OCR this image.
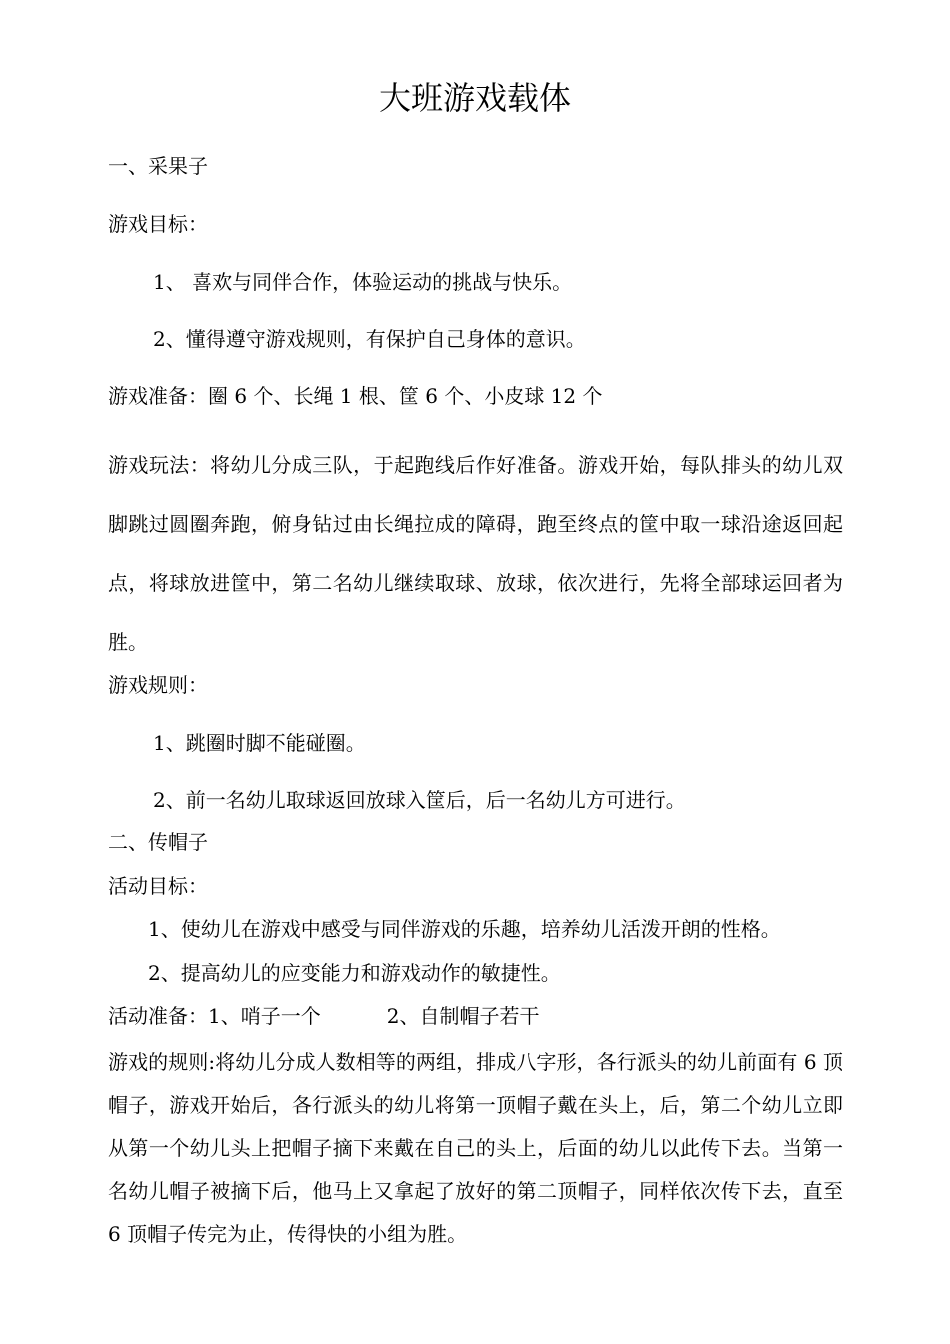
大班游戏载体
一、采果子
游戏目标：
1、 喜欢与同伴合作，体验运动的挑战与快乐。
2、懂得遵守游戏规则，有保护自己身体的意识。
游戏准备：圈 6 个、长绳 1 根、筐 6 个、小皮球 12 个
游戏玩法：将幼儿分成三队，于起跑线后作好准备。游戏开始，每队排头的幼儿双脚跳过圆圈奔跑，俯身钻过由长绳拉成的障碍，跑至终点的筐中取一球沿途返回起点，将球放进筐中，第二名幼儿继续取球、放球，依次进行，先将全部球运回者为胜。
游戏规则：
1、跳圈时脚不能碰圈。
2、前一名幼儿取球返回放球入筐后，后一名幼儿方可进行。
二、传帽子
活动目标：
1、使幼儿在游戏中感受与同伴游戏的乐趣，培养幼儿活泼开朗的性格。
2、提高幼儿的应变能力和游戏动作的敏捷性。
活动准备：1、哨子一个	2、自制帽子若干
游戏的规则:将幼儿分成人数相等的两组，排成八字形，各行派头的幼儿前面有 6 顶帽子，游戏开始后，各行派头的幼儿将第一顶帽子戴在头上，后，第二个幼儿立即从第一个幼儿头上把帽子摘下来戴在自己的头上，后面的幼儿以此传下去。当第一名幼儿帽子被摘下后，他马上又拿起了放好的第二顶帽子，同样依次传下去，直至 6 顶帽子传完为止，传得快的小组为胜。
